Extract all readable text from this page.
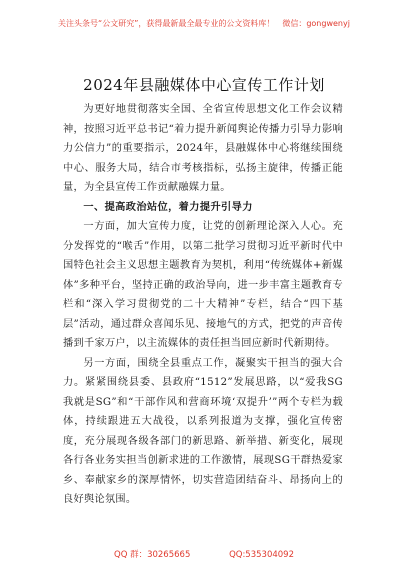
关注头条号“公文研究”，获得最新最全最专业的公文资料库！　微信：gongwenyj
2024年县融媒体中心宣传工作计划

为更好地贯彻落实全国、全省宣传思想文化工作会议精神，按照习近平总书记“着力提升新闻舆论传播力引导力影响力公信力”的重要指示，2024年，县融媒体中心将继续围绕中心、服务大局，结合市考核指标，弘扬主旋律，传播正能量，为全县宣传工作贡献融媒力量。

一、提高政治站位，着力提升引导力

一方面，加大宣传力度，让党的创新理论深入人心。充分发挥党的“喉舌”作用，以第二批学习贯彻习近平新时代中国特色社会主义思想主题教育为契机，利用“传统媒体+新媒体”多种平台，坚持正确的政治导向，进一步丰富主题教育专栏和“深入学习贯彻党的二十大精神”专栏，结合“四下基层”活动，通过群众喜闻乐见、接地气的方式，把党的声音传播到千家万户，以主流媒体的责任担当回应新时代新期待。

另一方面，围绕全县重点工作，凝聚实干担当的强大合力。紧紧围绕县委、县政府“1512”发展思路，以“爱我SG 我就是SG”和“干部作风和营商环境‘双提升’”两个专栏为载体，持续跟进五大战役，以系列报道为支撑，强化宣传密度，充分展现各级各部门的新思路、新举措、新变化，展现各行各业务实担当创新求进的工作激情，展现SG干群热爱家乡、奉献家乡的深厚情怀，切实营造团结奋斗、昂扬向上的良好舆论氛围。

QQ 群：30265665	QQ:535304092
